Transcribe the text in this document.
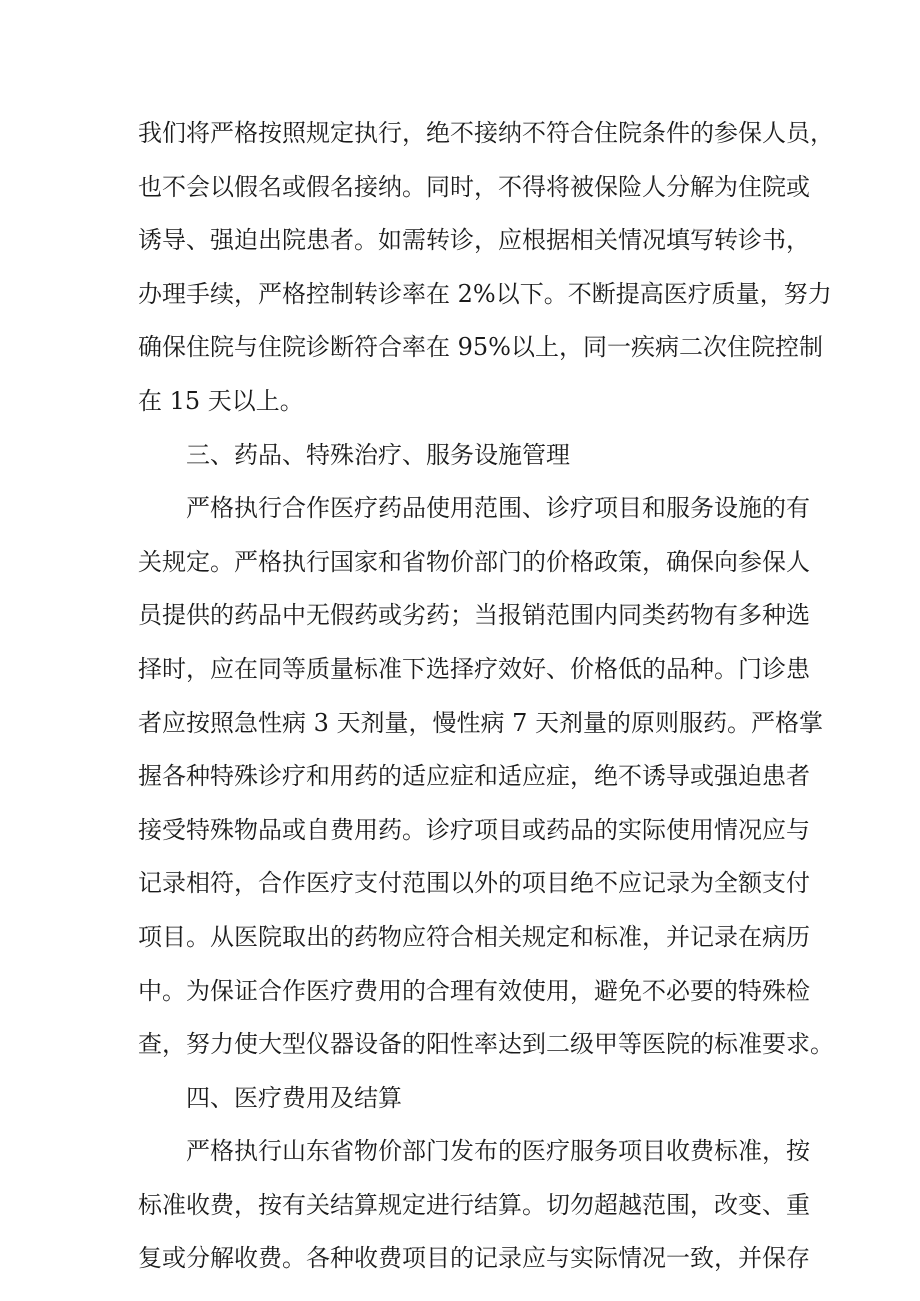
我们将严格按照规定执行，绝不接纳不符合住院条件的参保人员，
也不会以假名或假名接纳。同时，不得将被保险人分解为住院或
诱导、强迫出院患者。如需转诊，应根据相关情况填写转诊书，
办理手续，严格控制转诊率在 2%以下。不断提高医疗质量，努力
确保住院与住院诊断符合率在 95%以上，同一疾病二次住院控制
在 15 天以上。
三、药品、特殊治疗、服务设施管理
严格执行合作医疗药品使用范围、诊疗项目和服务设施的有
关规定。严格执行国家和省物价部门的价格政策，确保向参保人
员提供的药品中无假药或劣药；当报销范围内同类药物有多种选
择时，应在同等质量标准下选择疗效好、价格低的品种。门诊患
者应按照急性病 3 天剂量，慢性病 7 天剂量的原则服药。严格掌
握各种特殊诊疗和用药的适应症和适应症，绝不诱导或强迫患者
接受特殊物品或自费用药。诊疗项目或药品的实际使用情况应与
记录相符，合作医疗支付范围以外的项目绝不应记录为全额支付
项目。从医院取出的药物应符合相关规定和标准，并记录在病历
中。为保证合作医疗费用的合理有效使用，避免不必要的特殊检
查，努力使大型仪器设备的阳性率达到二级甲等医院的标准要求。
四、医疗费用及结算
严格执行山东省物价部门发布的医疗服务项目收费标准，按
标准收费，按有关结算规定进行结算。切勿超越范围，改变、重
复或分解收费。各种收费项目的记录应与实际情况一致，并保存
